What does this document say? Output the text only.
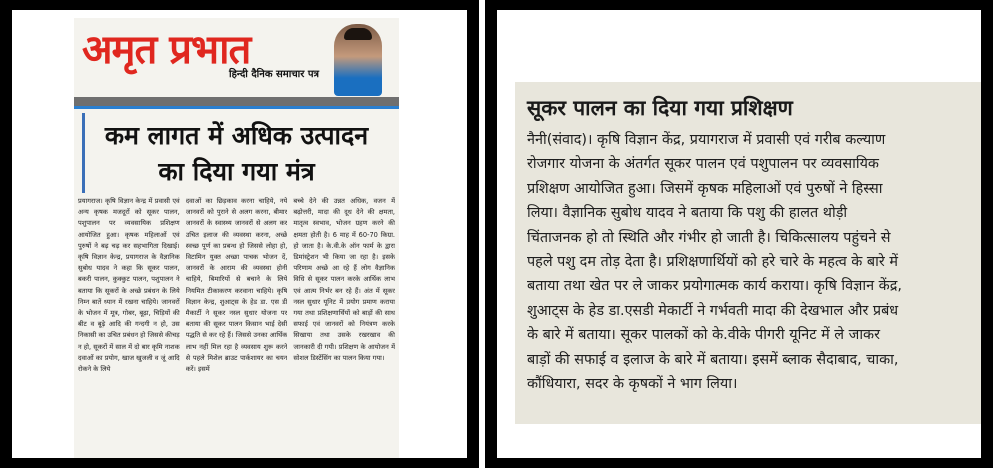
अमृत प्रभात
हिन्दी दैनिक समाचार पत्र
कम लागत में अधिक उत्पादन
का दिया गया मंत्र
प्रयागराज। कृषि विज्ञान केन्द्र में प्रवासी एवं अन्य कृषक मजदूरों को सूकर पालन, पशुपालन पर व्यवसायिक प्रशिक्षण आयोजित हुआ। कृषक महिलाओं एवं पुरुषों ने बढ़ चढ़ कर सहभागिता दिखाई। कृषि विज्ञान केन्द्र, प्रयागराज के वैज्ञानिक सुबोध यादव ने कहा कि सूकर पालन, बकरी पालन, कुक्कुट पालन, पशुपालन ने बताया कि सूकरों के अच्छे प्रबंधन के लिये निम्न बातें ध्यान में रखना चाहिये। जानवरों के भोजन में मूत्र, गोबर, बूढ़ा, चिड़ियों की बीट व बूढ़े आदि की गन्दगी न हो, उस निकासी का उचित प्रबंधन हो जिससे कीचड़ न हो, सूकरों में साल में दो बार कृमि नाशक दवाओं का प्रयोग, खाज खुजली व जूं आदि रोकने के लिये
दवाओं का छिड़काव करना चाहिये, नये जानवरों को पुराने से अलग करना, बीमार जानवरों के स्वास्थ्य जानवरों से अलग कर उचित इलाज की व्यवस्था करना, अच्छे स्वच्छ पूर्ण का प्रबन्ध हो जिससे लोहा हो, विटामिन युक्त अच्छा पाचक भोजन दें, जानवरों के आराम की व्यवस्था होनी चाहिये, बिमारियों से बचाने के लिये नियमित टीकाकरण करवाना चाहिये। कृषि विज्ञान केन्द्र, शुआट्स के हेड डा. एस डी मैकार्टी ने सूकर नस्ल सुधार योजना पर बताया की सूकर पालन किसान भाई देसी पद्धति से कर रहे हैं। जिससे उनका आर्थिक लाभ नहीं मिल रहा है व्यवसाय शुरू करने से पहले मिशेल ब्राउट पार्कशायर का चयन करें। इसमें
बच्चे देने की उन्नत अधिक, वजन में बढ़ोत्तरी, मादा की दूध देने की क्षमता, मातृत्व स्वभाव, भोजन ग्रहण करने की क्षमता होती है। 6 माह में 60-70 किग्रा. हो जाता है। के.वी.के ऑन फार्म के द्वारा डिमांस्ट्रेशन भी किया जा रहा है। इसके परिणाम अच्छे आ रहे हैं लोग वैज्ञानिक विधि से सूकर पालन करके आर्थिक लाभ एवं आत्म निर्भर बन रहे हैं। अंत में सूकर नस्ल सुधार यूनिट में प्रयोग प्रमाण कराया गया तथा प्रशिक्षणार्थियों को बाड़ों की साथ सफाई एवं जानवरों को नियंत्रण करके सिखाया तथा उसके रखरखाव की जानकारी दी गयी। प्रशिक्षण के आयोजन में सोशल डिस्टेंसिंग का पालन किया गया।
सूकर पालन का दिया गया प्रशिक्षण
नैनी(संवाद)। कृषि विज्ञान केंद्र, प्रयागराज में प्रवासी एवं गरीब कल्याण
रोजगार योजना के अंतर्गत सूकर पालन एवं पशुपालन पर व्यवसायिक
प्रशिक्षण आयोजित हुआ। जिसमें कृषक महिलाओं एवं पुरुषों ने हिस्सा
लिया। वैज्ञानिक सुबोध यादव ने बताया कि पशु की हालत थोड़ी
चिंताजनक हो तो स्थिति और गंभीर हो जाती है। चिकित्सालय पहुंचने से
पहले पशु दम तोड़ देता है। प्रशिक्षणार्थियों को हरे चारे के महत्व के बारे में
बताया तथा खेत पर ले जाकर प्रयोगात्मक कार्य कराया। कृषि विज्ञान केंद्र,
शुआट्स के हेड डा.एसडी मेकार्टी ने गर्भवती मादा की देखभाल और प्रबंध
के बारे में बताया। सूकर पालकों को के.वीके पीगरी यूनिट में ले जाकर
बाड़ों की सफाई व इलाज के बारे में बताया। इसमें ब्लाक सैदाबाद, चाका,
कौंधियारा, सदर के कृषकों ने भाग लिया।
